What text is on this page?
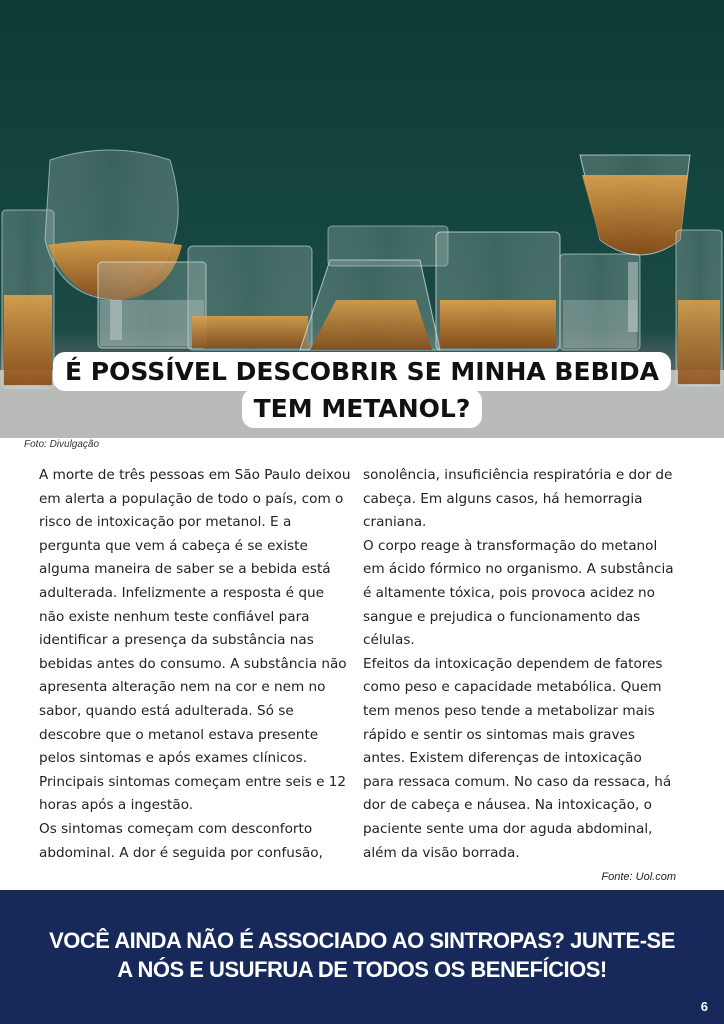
É POSSÍVEL DESCOBRIR SE MINHA BEBIDA
TEM METANOL?
Foto: Divulgação

A morte de três pessoas em São Paulo deixou em alerta a população de todo o país, com o risco de intoxicação por metanol. E a pergunta que vem á cabeça é se existe alguma maneira de saber se a bebida está adulterada. Infelizmente a resposta é que não existe nenhum teste confiável para identificar a presença da substância nas bebidas antes do consumo. A substância não apresenta alteração nem na cor e nem no sabor, quando está adulterada. Só se descobre que o metanol estava presente pelos sintomas e após exames clínicos.

Principais sintomas começam entre seis e 12 horas após a ingestão.

Os sintomas começam com desconforto abdominal. A dor é seguida por confusão,

sonolência, insuficiência respiratória e dor de cabeça. Em alguns casos, há hemorragia craniana.

O corpo reage à transformação do metanol em ácido fórmico no organismo. A substância é altamente tóxica, pois provoca acidez no sangue e prejudica o funcionamento das células.

Efeitos da intoxicação dependem de fatores como peso e capacidade metabólica. Quem tem menos peso tende a metabolizar mais rápido e sentir os sintomas mais graves antes. Existem diferenças de intoxicação para ressaca comum. No caso da ressaca, há dor de cabeça e náusea. Na intoxicação, o paciente sente uma dor aguda abdominal, além da visão borrada.

Fonte: Uol.com
VOCÊ AINDA NÃO É ASSOCIADO AO SINTROPAS? JUNTE-SE
A NÓS E USUFRUA DE TODOS OS BENEFÍCIOS!
6
